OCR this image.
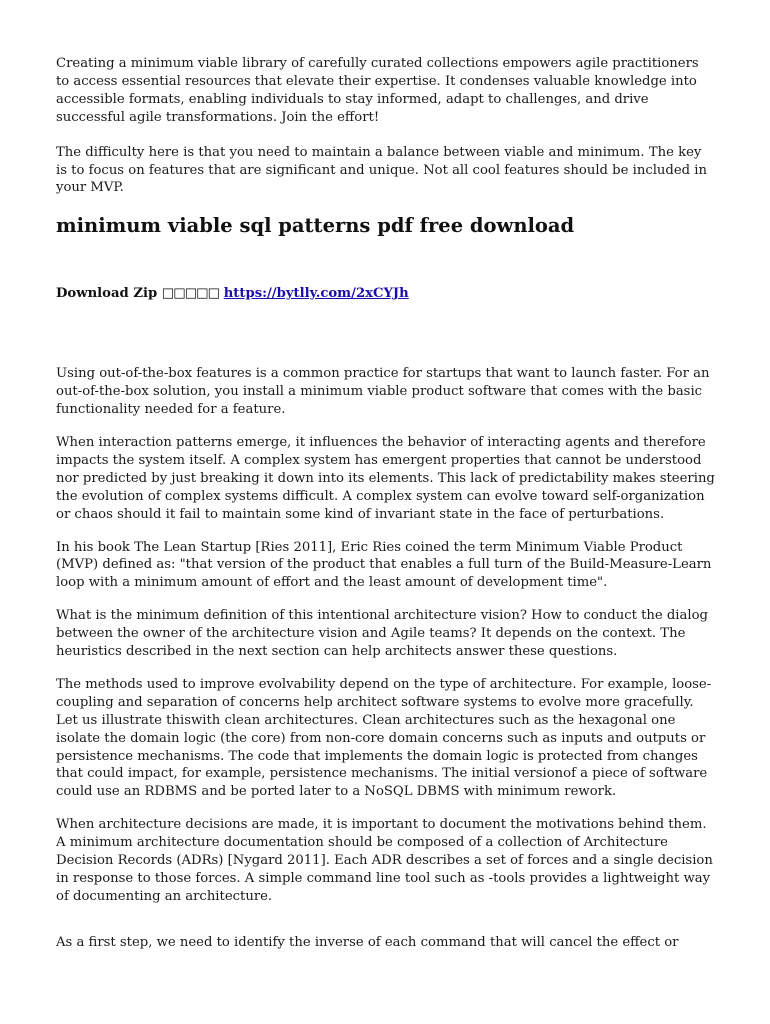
Creating a minimum viable library of carefully curated collections empowers agile practitioners to access essential resources that elevate their expertise. It condenses valuable knowledge into accessible formats, enabling individuals to stay informed, adapt to challenges, and drive successful agile transformations. Join the effort!

The difficulty here is that you need to maintain a balance between viable and minimum. The key is to focus on features that are significant and unique. Not all cool features should be included in your MVP.

minimum viable sql patterns pdf free download
Download Zip □□□□□ https://bytlly.com/2xCYJh

Using out-of-the-box features is a common practice for startups that want to launch faster. For an out-of-the-box solution, you install a minimum viable product software that comes with the basic functionality needed for a feature.

When interaction patterns emerge, it influences the behavior of interacting agents and therefore impacts the system itself. A complex system has emergent properties that cannot be understood nor predicted by just breaking it down into its elements. This lack of predictability makes steering the evolution of complex systems difficult. A complex system can evolve toward self-organization or chaos should it fail to maintain some kind of invariant state in the face of perturbations.

In his book The Lean Startup [Ries 2011], Eric Ries coined the term Minimum Viable Product (MVP) defined as: "that version of the product that enables a full turn of the Build-Measure-Learn loop with a minimum amount of effort and the least amount of development time".

What is the minimum definition of this intentional architecture vision? How to conduct the dialog between the owner of the architecture vision and Agile teams? It depends on the context. The heuristics described in the next section can help architects answer these questions.

The methods used to improve evolvability depend on the type of architecture. For example, loose-coupling and separation of concerns help architect software systems to evolve more gracefully. Let us illustrate thiswith clean architectures. Clean architectures such as the hexagonal one isolate the domain logic (the core) from non-core domain concerns such as inputs and outputs or persistence mechanisms. The code that implements the domain logic is protected from changes that could impact, for example, persistence mechanisms. The initial versionof a piece of software could use an RDBMS and be ported later to a NoSQL DBMS with minimum rework.

When architecture decisions are made, it is important to document the motivations behind them. A minimum architecture documentation should be composed of a collection of Architecture Decision Records (ADRs) [Nygard 2011]. Each ADR describes a set of forces and a single decision in response to those forces. A simple command line tool such as -tools provides a lightweight way of documenting an architecture.

As a first step, we need to identify the inverse of each command that will cancel the effect or
